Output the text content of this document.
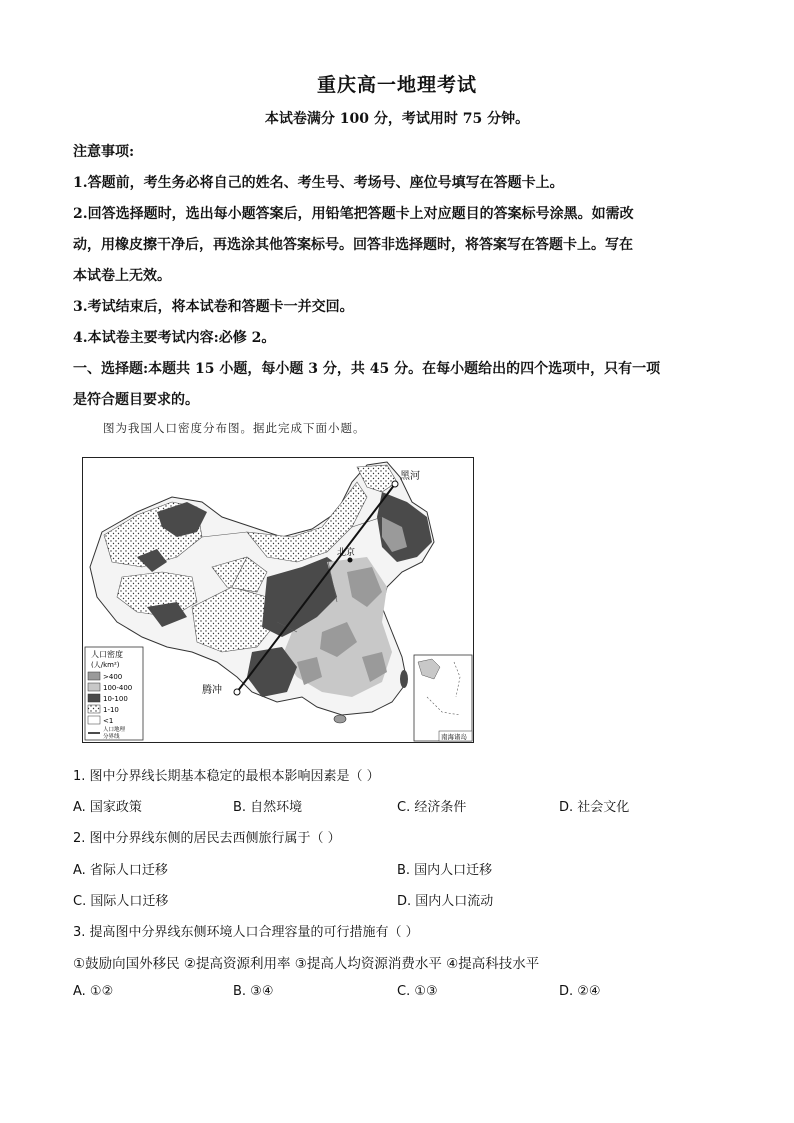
重庆高一地理考试
本试卷满分 100 分，考试用时 75 分钟。
注意事项:
1.答题前，考生务必将自己的姓名、考生号、考场号、座位号填写在答题卡上。
2.回答选择题时，选出每小题答案后，用铅笔把答题卡上对应题目的答案标号涂黑。如需改
动，用橡皮擦干净后，再选涂其他答案标号。回答非选择题时，将答案写在答题卡上。写在
本试卷上无效。
3.考试结束后，将本试卷和答题卡一并交回。
4.本试卷主要考试内容:必修 2。
一、选择题:本题共 15 小题，每小题 3 分，共 45 分。在每小题给出的四个选项中，只有一项
是符合题目要求的。
图为我国人口密度分布图。据此完成下面小题。
黑河
腾冲
北京
人口密度
(人/km²)
>400
100-400
10-100
1-10
<1
人口地理
分界线	南海诸岛
1. 图中分界线长期基本稳定的最根本影响因素是（ ）
A. 国家政策	B. 自然环境	C. 经济条件	D. 社会文化
2. 图中分界线东侧的居民去西侧旅行属于（ ）
A. 省际人口迁移	B. 国内人口迁移
C. 国际人口迁移	D. 国内人口流动
3. 提高图中分界线东侧环境人口合理容量的可行措施有（ ）
①鼓励向国外移民 ②提高资源利用率 ③提高人均资源消费水平 ④提高科技水平
A. ①②	B. ③④	C. ①③	D. ②④
